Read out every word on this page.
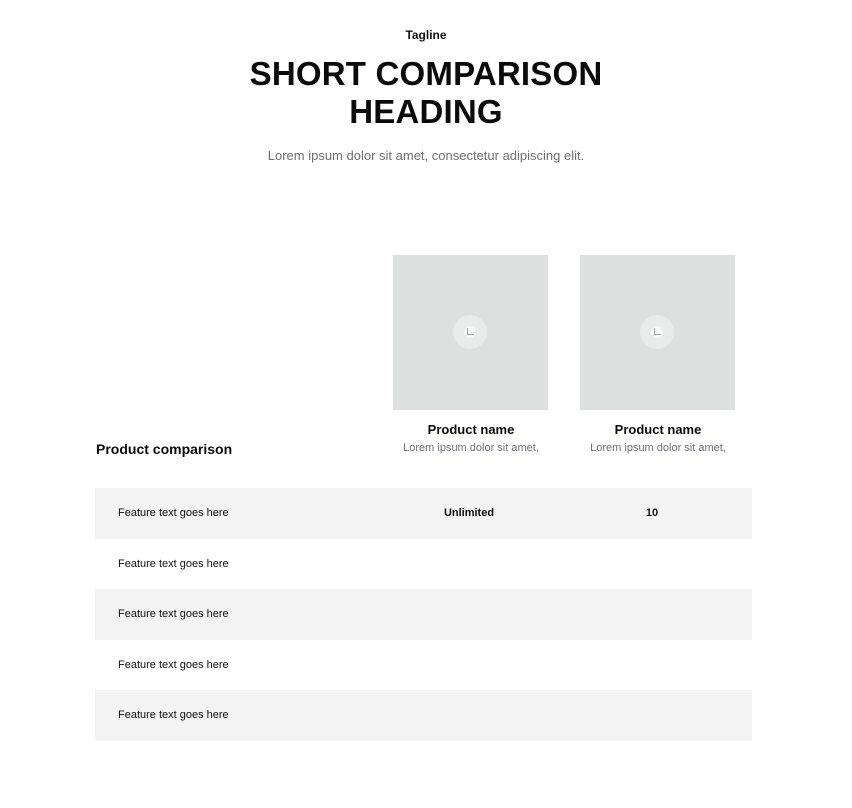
Tagline
SHORT COMPARISON HEADING
Lorem ipsum dolor sit amet, consectetur adipiscing elit.
Product comparison
Product name
Lorem ipsum dolor sit amet,
Product name
Lorem ipsum dolor sit amet,
Feature text goes here	Unlimited	10
Feature text goes here
Feature text goes here
Feature text goes here
Feature text goes here
